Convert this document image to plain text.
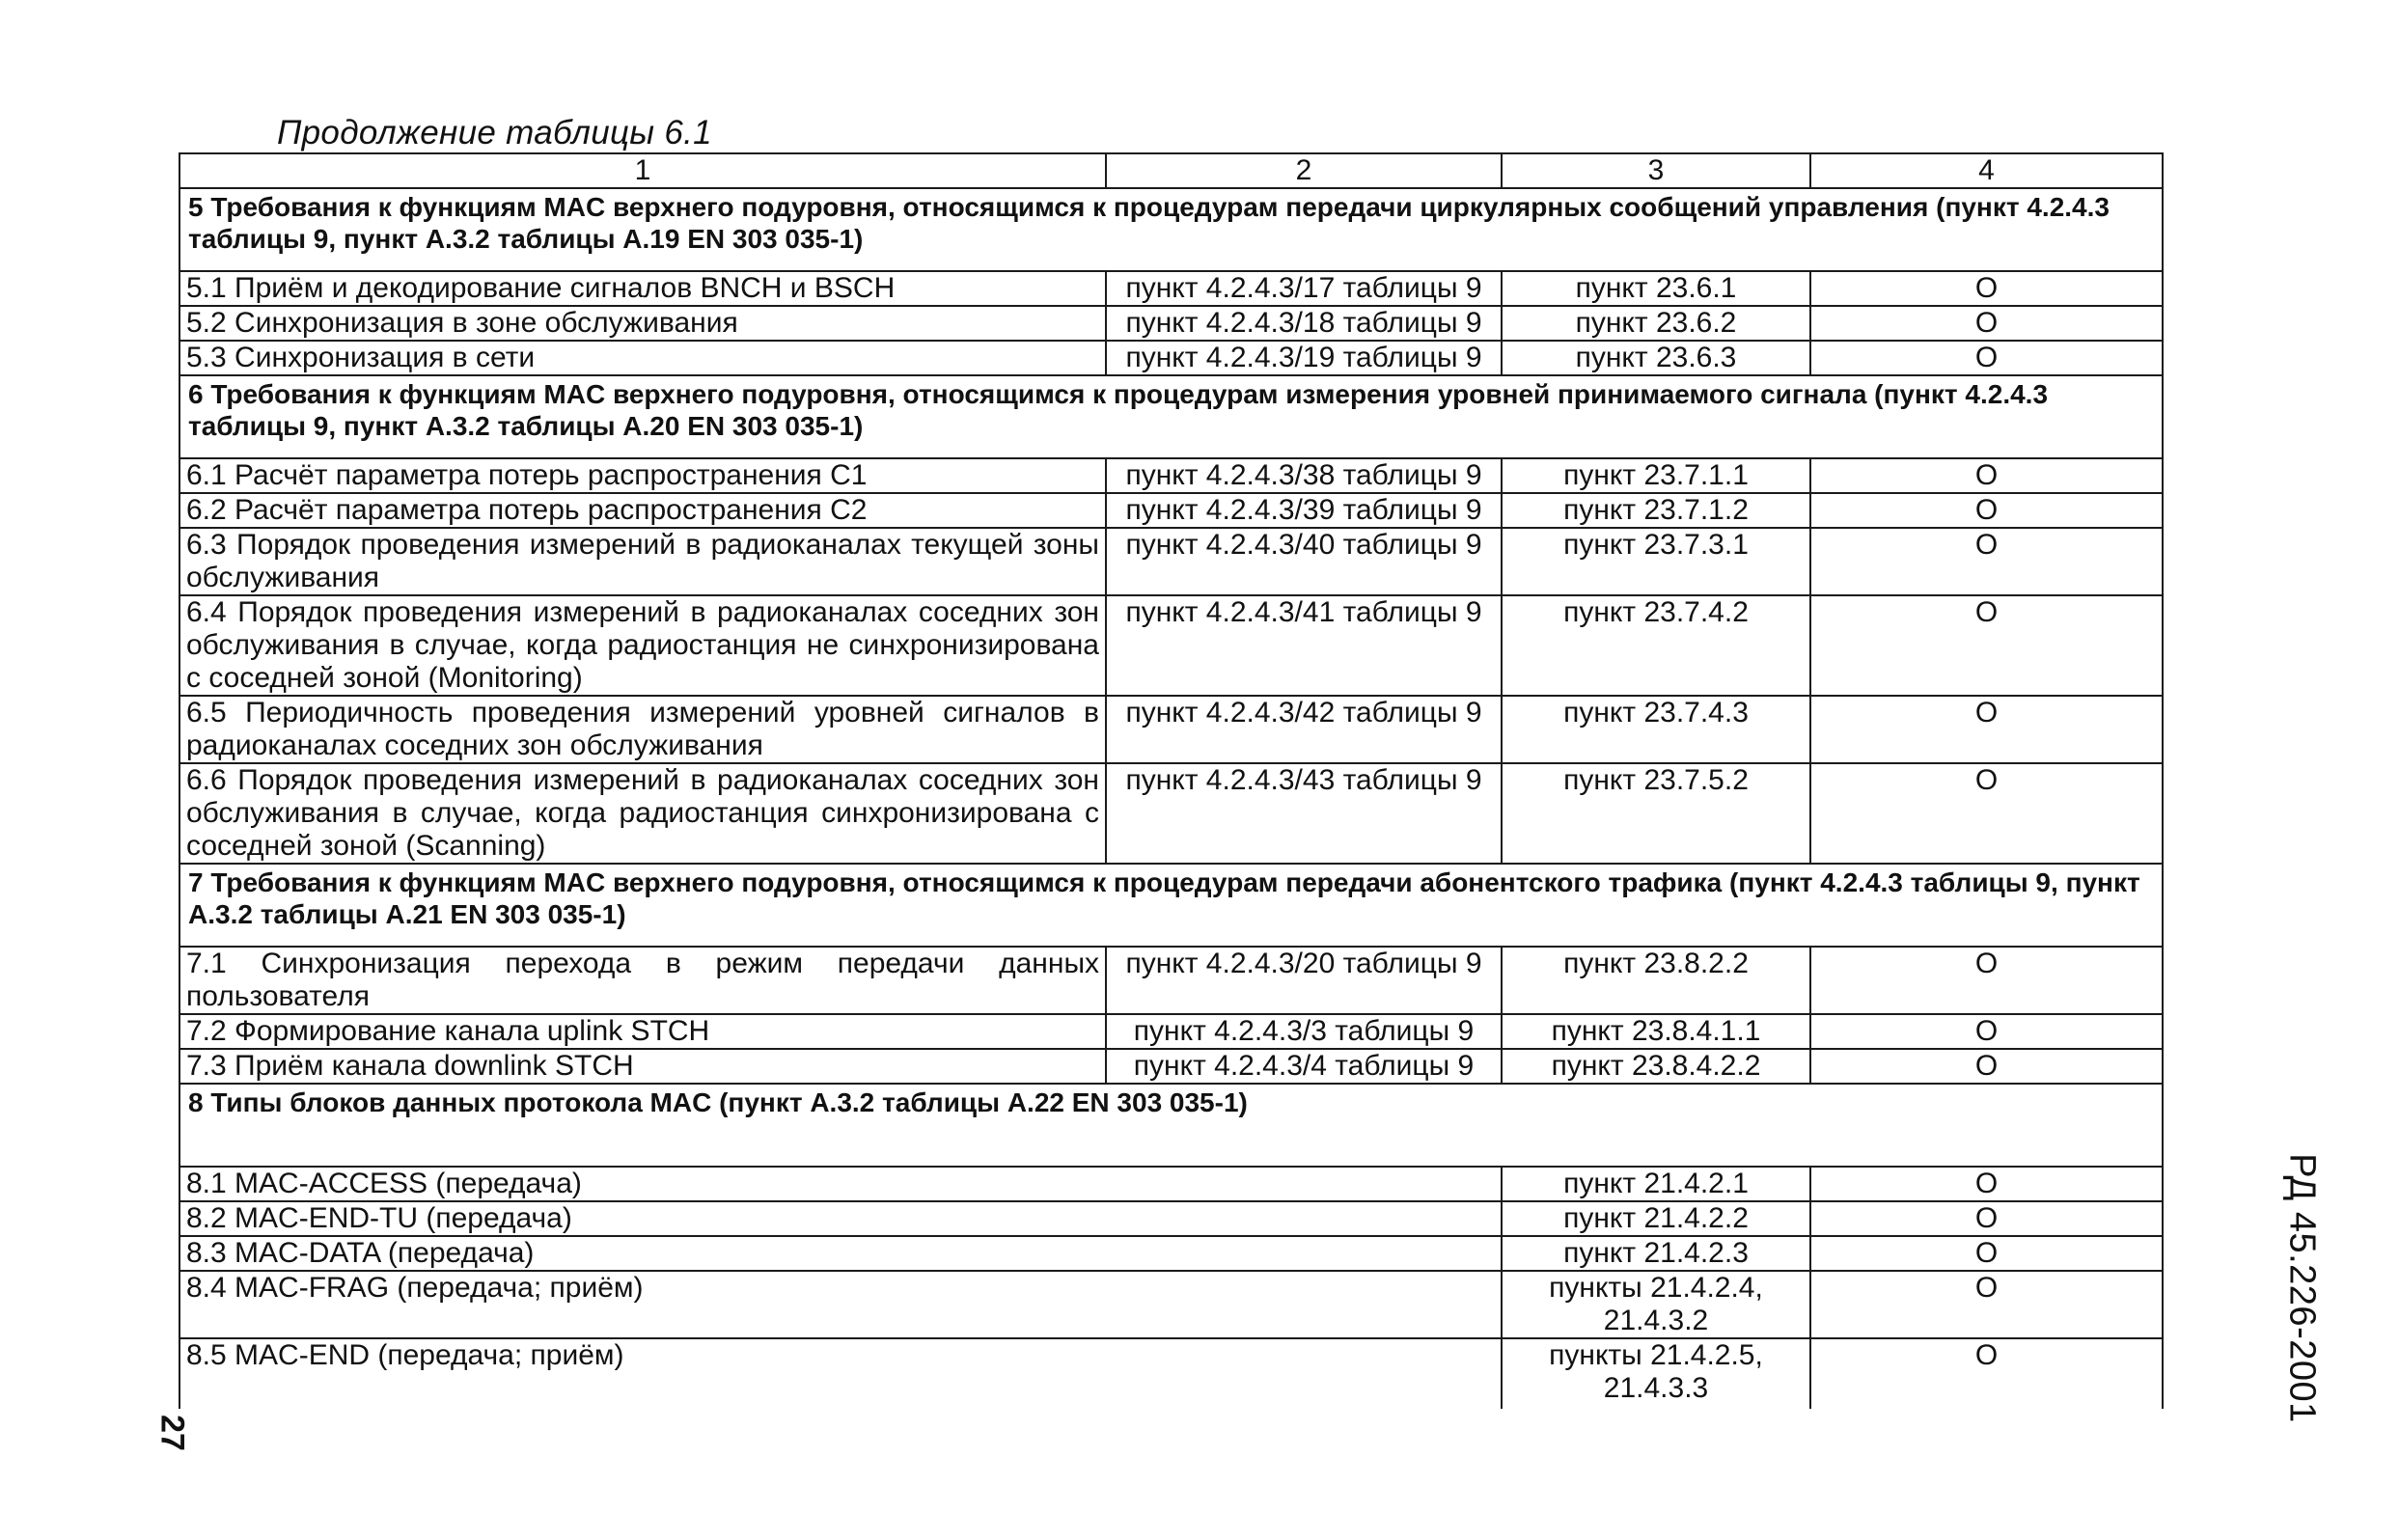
Продолжение таблицы 6.1
1	2	3	4
5 Требования к функциям MAC верхнего подуровня, относящимся к процедурам передачи циркулярных сообщений управления (пункт 4.2.4.3 таблицы 9, пункт А.3.2 таблицы А.19 EN 303 035-1)			
5.1 Приём и декодирование сигналов BNCH и BSCH	пункт 4.2.4.3/17 таблицы 9	пункт 23.6.1	О
5.2 Синхронизация в зоне обслуживания	пункт 4.2.4.3/18 таблицы 9	пункт 23.6.2	О
5.3 Синхронизация в сети	пункт 4.2.4.3/19 таблицы 9	пункт 23.6.3	О
6 Требования к функциям MAC верхнего подуровня, относящимся к процедурам измерения уровней принимаемого сигнала (пункт 4.2.4.3 таблицы 9, пункт А.3.2 таблицы А.20 EN 303 035-1)			
6.1 Расчёт параметра потерь распространения С1	пункт 4.2.4.3/38 таблицы 9	пункт 23.7.1.1	О
6.2 Расчёт параметра потерь распространения С2	пункт 4.2.4.3/39 таблицы 9	пункт 23.7.1.2	О
6.3 Порядок проведения измерений в радиоканалах текущей зоны обслуживания	пункт 4.2.4.3/40 таблицы 9	пункт 23.7.3.1	О
6.4 Порядок проведения измерений в радиоканалах соседних зон обслуживания в случае, когда радиостанция не синхронизирована с соседней зоной (Monitoring)	пункт 4.2.4.3/41 таблицы 9	пункт 23.7.4.2	О
6.5 Периодичность проведения измерений уровней сигналов в радиоканалах соседних зон обслуживания	пункт 4.2.4.3/42 таблицы 9	пункт 23.7.4.3	О
6.6 Порядок проведения измерений в радиоканалах соседних зон обслуживания в случае, когда радиостанция синхронизирована с соседней зоной (Scanning)	пункт 4.2.4.3/43 таблицы 9	пункт 23.7.5.2	О
7 Требования к функциям MAC верхнего подуровня, относящимся к процедурам передачи абонентского трафика (пункт 4.2.4.3 таблицы 9, пункт А.3.2 таблицы А.21 EN 303 035-1)			
7.1 Синхронизация перехода в режим передачи данных пользователя	пункт 4.2.4.3/20 таблицы 9	пункт 23.8.2.2	О
7.2 Формирование канала uplink STCH	пункт 4.2.4.3/3 таблицы 9	пункт 23.8.4.1.1	О
7.3 Приём канала downlink STCH	пункт 4.2.4.3/4 таблицы 9	пункт 23.8.4.2.2	О
8 Типы блоков данных протокола MAC (пункт А.3.2 таблицы А.22 EN 303 035-1)			
8.1 MAC-ACCESS (передача)		пункт 21.4.2.1	О
8.2 MAC-END-TU (передача)		пункт 21.4.2.2	О
8.3 MAC-DATA (передача)		пункт 21.4.2.3	О
8.4 MAC-FRAG (передача; приём)		пункты 21.4.2.4, 21.4.3.2	О
8.5 MAC-END (передача; приём)		пункты 21.4.2.5, 21.4.3.3	О	РД 45.226-2001
27
